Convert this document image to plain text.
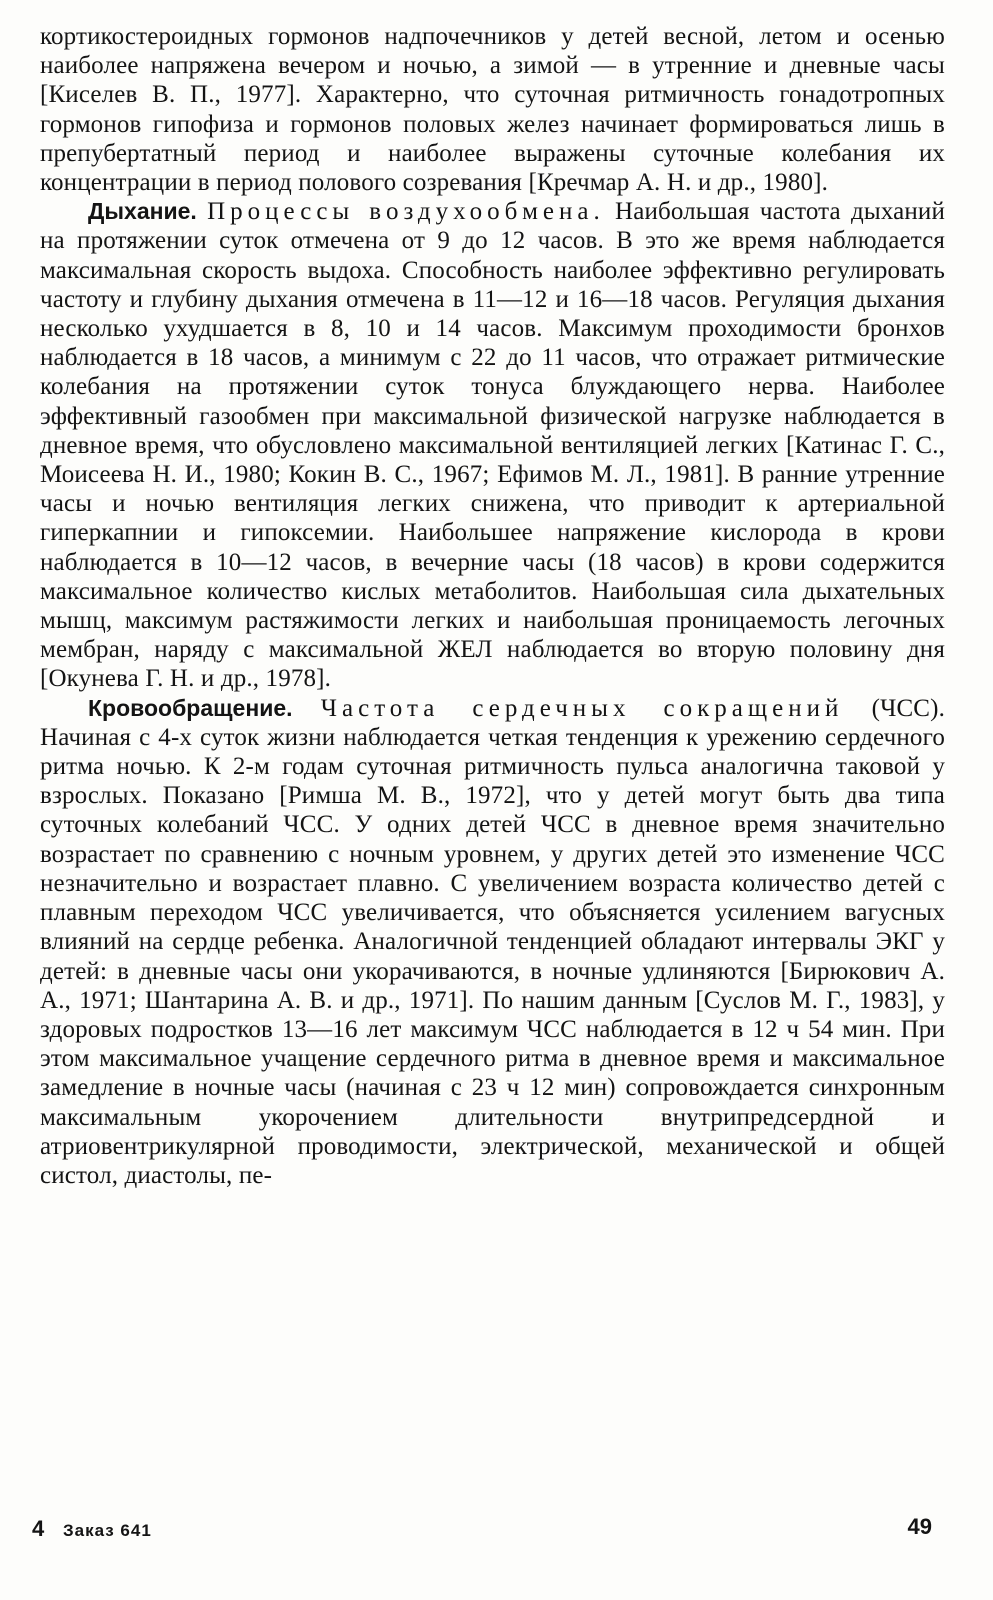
кортикостероидных гормонов надпочечников у детей весной, летом и осенью наиболее напряжена вечером и ночью, а зимой — в утренние и дневные часы [Киселев В. П., 1977]. Характерно, что суточная ритмичность гонадотропных гормонов гипофиза и гормонов половых желез начинает формироваться лишь в препубертатный период и наиболее выражены суточные колебания их концентрации в период полового созревания [Кречмар А. Н. и др., 1980].

Дыхание. Процессы воздухообмена. Наибольшая частота дыханий на протяжении суток отмечена от 9 до 12 часов. В это же время наблюдается максимальная скорость выдоха. Способность наиболее эффективно регулировать частоту и глубину дыхания отмечена в 11—12 и 16—18 часов. Регуляция дыхания несколько ухудшается в 8, 10 и 14 часов. Максимум проходимости бронхов наблюдается в 18 часов, а минимум с 22 до 11 часов, что отражает ритмические колебания на протяжении суток тонуса блуждающего нерва. Наиболее эффективный газообмен при максимальной физической нагрузке наблюдается в дневное время, что обусловлено максимальной вентиляцией легких [Катинас Г. С., Моисеева Н. И., 1980; Кокин В. С., 1967; Ефимов М. Л., 1981]. В ранние утренние часы и ночью вентиляция легких снижена, что приводит к артериальной гиперкапнии и гипоксемии. Наибольшее напряжение кислорода в крови наблюдается в 10—12 часов, в вечерние часы (18 часов) в крови содержится максимальное количество кислых метаболитов. Наибольшая сила дыхательных мышц, максимум растяжимости легких и наибольшая проницаемость легочных мембран, наряду с максимальной ЖЕЛ наблюдается во вторую половину дня [Окунева Г. Н. и др., 1978].

Кровообращение. Частота сердечных сокращений (ЧСС). Начиная с 4-х суток жизни наблюдается четкая тенденция к урежению сердечного ритма ночью. К 2-м годам суточная ритмичность пульса аналогична таковой у взрослых. Показано [Римша М. В., 1972], что у детей могут быть два типа суточных колебаний ЧСС. У одних детей ЧСС в дневное время значительно возрастает по сравнению с ночным уровнем, у других детей это изменение ЧСС незначительно и возрастает плавно. С увеличением возраста количество детей с плавным переходом ЧСС увеличивается, что объясняется усилением вагусных влияний на сердце ребенка. Аналогичной тенденцией обладают интервалы ЭКГ у детей: в дневные часы они укорачиваются, в ночные удлиняются [Бирюкович А. А., 1971; Шантарина А. В. и др., 1971]. По нашим данным [Суслов М. Г., 1983], у здоровых подростков 13—16 лет максимум ЧСС наблюдается в 12 ч 54 мин. При этом максимальное учащение сердечного ритма в дневное время и максимальное замедление в ночные часы (начиная с 23 ч 12 мин) сопровождается синхронным максимальным укорочением длительности внутрипредсердной и атриовентрикулярной проводимости, электрической, механической и общей систол, диастолы, пе-

4 Заказ 641	49
